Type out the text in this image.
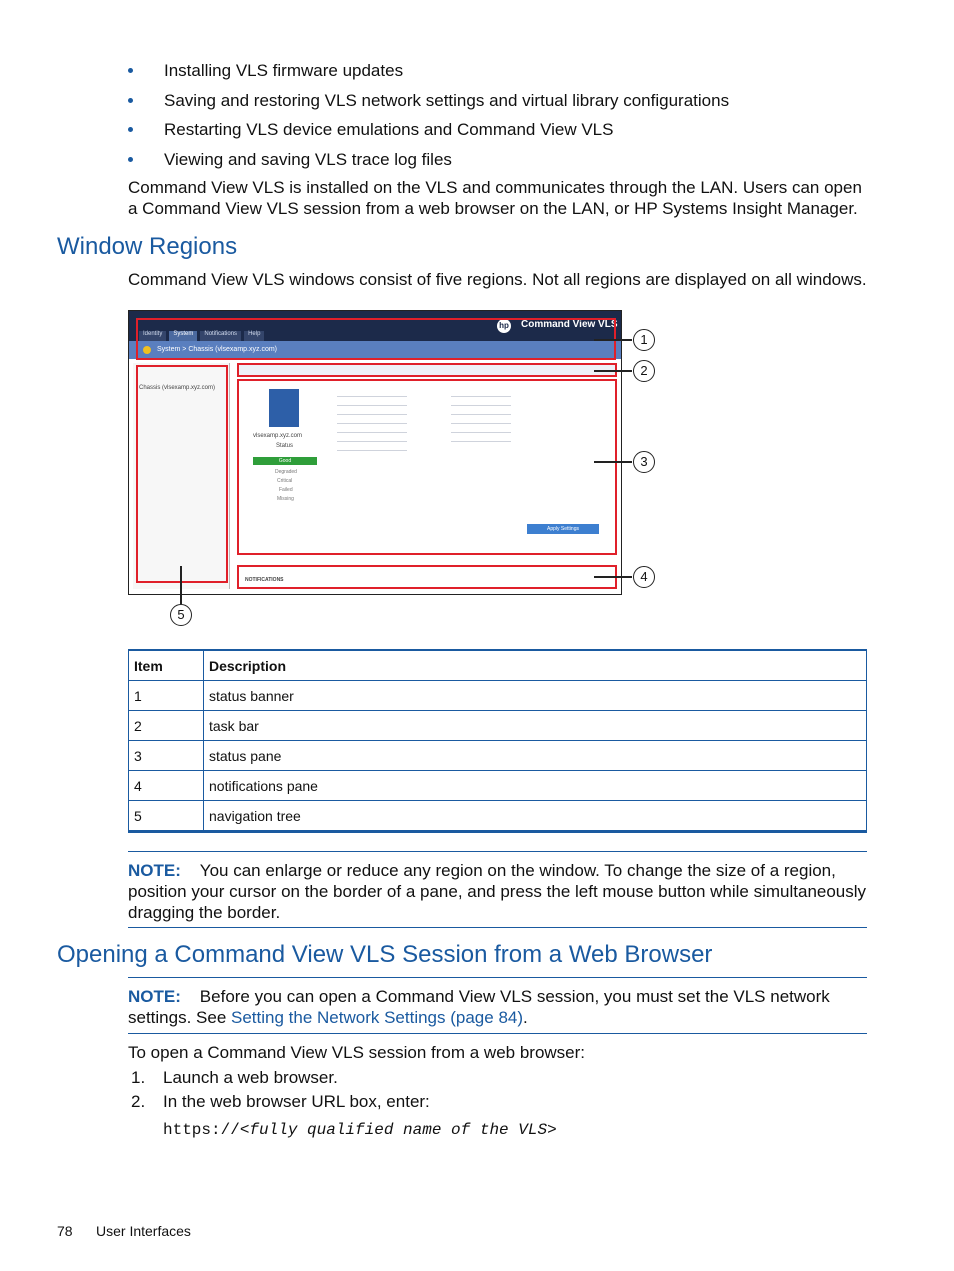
Installing VLS firmware updates
Saving and restoring VLS network settings and virtual library configurations
Restarting VLS device emulations and Command View VLS
Viewing and saving VLS trace log files
Command View VLS is installed on the VLS and communicates through the LAN. Users can open a Command View VLS session from a web browser on the LAN, or HP Systems Insight Manager.
Window Regions
Command View VLS windows consist of five regions. Not all regions are displayed on all windows.
Identity	System	Notifications	Help
hp Command View VLS
System > Chassis (vlsexamp.xyz.com)
Chassis (vlsexamp.xyz.com)
vlsexamp.xyz.com
Status
Good
Degraded
Critical
Failed
Missing
Apply Settings
NOTIFICATIONS
1
2
3
4
5
Item	Description
1	status banner
2	task bar
3	status pane
4	notifications pane
5	navigation tree
NOTE: You can enlarge or reduce any region on the window. To change the size of a region, position your cursor on the border of a pane, and press the left mouse button while simultaneously dragging the border.
Opening a Command View VLS Session from a Web Browser
NOTE: Before you can open a Command View VLS session, you must set the VLS network settings. See Setting the Network Settings (page 84).
To open a Command View VLS session from a web browser:
1. Launch a web browser.
2. In the web browser URL box, enter:
https://<fully qualified name of the VLS>
78 User Interfaces
